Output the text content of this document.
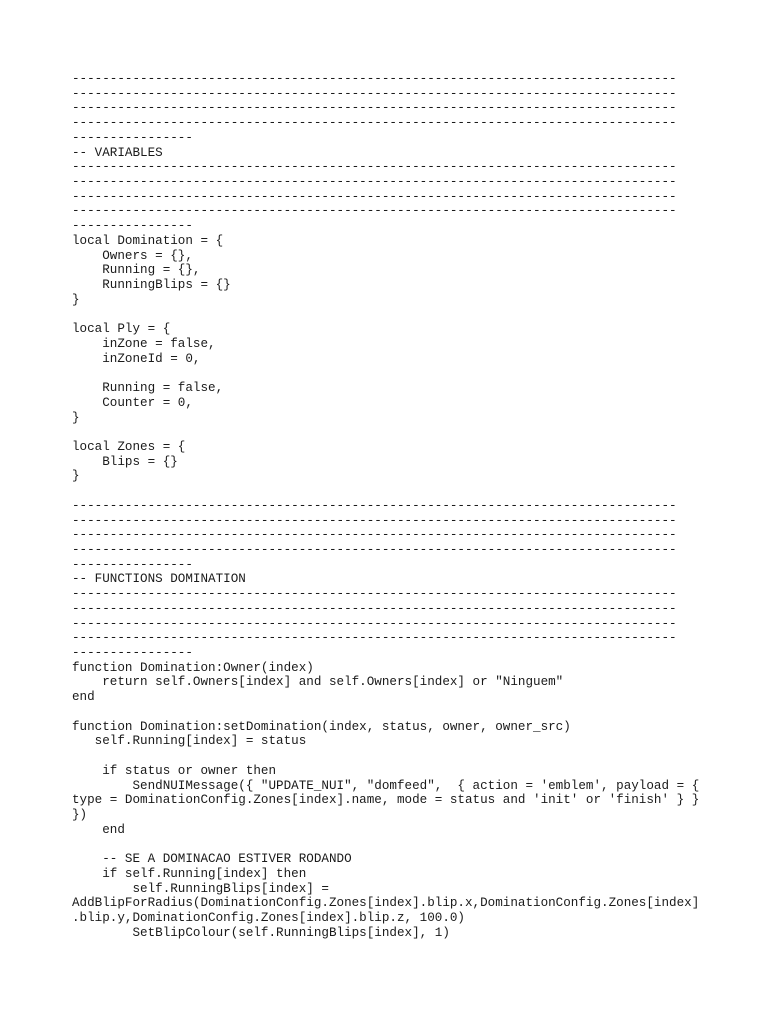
--------------------------------------------------------------------------------
--------------------------------------------------------------------------------
--------------------------------------------------------------------------------
--------------------------------------------------------------------------------
----------------
-- VARIABLES
--------------------------------------------------------------------------------
--------------------------------------------------------------------------------
--------------------------------------------------------------------------------
--------------------------------------------------------------------------------
----------------
local Domination = {
Owners = {},
Running = {},
RunningBlips = {}
}
local Ply = {
inZone = false,
inZoneId = 0,
Running = false,
Counter = 0,
}
local Zones = {
Blips = {}
}
--------------------------------------------------------------------------------
--------------------------------------------------------------------------------
--------------------------------------------------------------------------------
--------------------------------------------------------------------------------
----------------
-- FUNCTIONS DOMINATION
--------------------------------------------------------------------------------
--------------------------------------------------------------------------------
--------------------------------------------------------------------------------
--------------------------------------------------------------------------------
----------------
function Domination:Owner(index)
return self.Owners[index] and self.Owners[index] or "Ninguem"
end
function Domination:setDomination(index, status, owner, owner_src)
self.Running[index] = status
if status or owner then
SendNUIMessage({ "UPDATE_NUI", "domfeed",  { action = 'emblem', payload = {
type = DominationConfig.Zones[index].name, mode = status and 'init' or 'finish' } }
})
end
-- SE A DOMINACAO ESTIVER RODANDO
if self.Running[index] then
self.RunningBlips[index] =
AddBlipForRadius(DominationConfig.Zones[index].blip.x,DominationConfig.Zones[index]
.blip.y,DominationConfig.Zones[index].blip.z, 100.0)
SetBlipColour(self.RunningBlips[index], 1)
